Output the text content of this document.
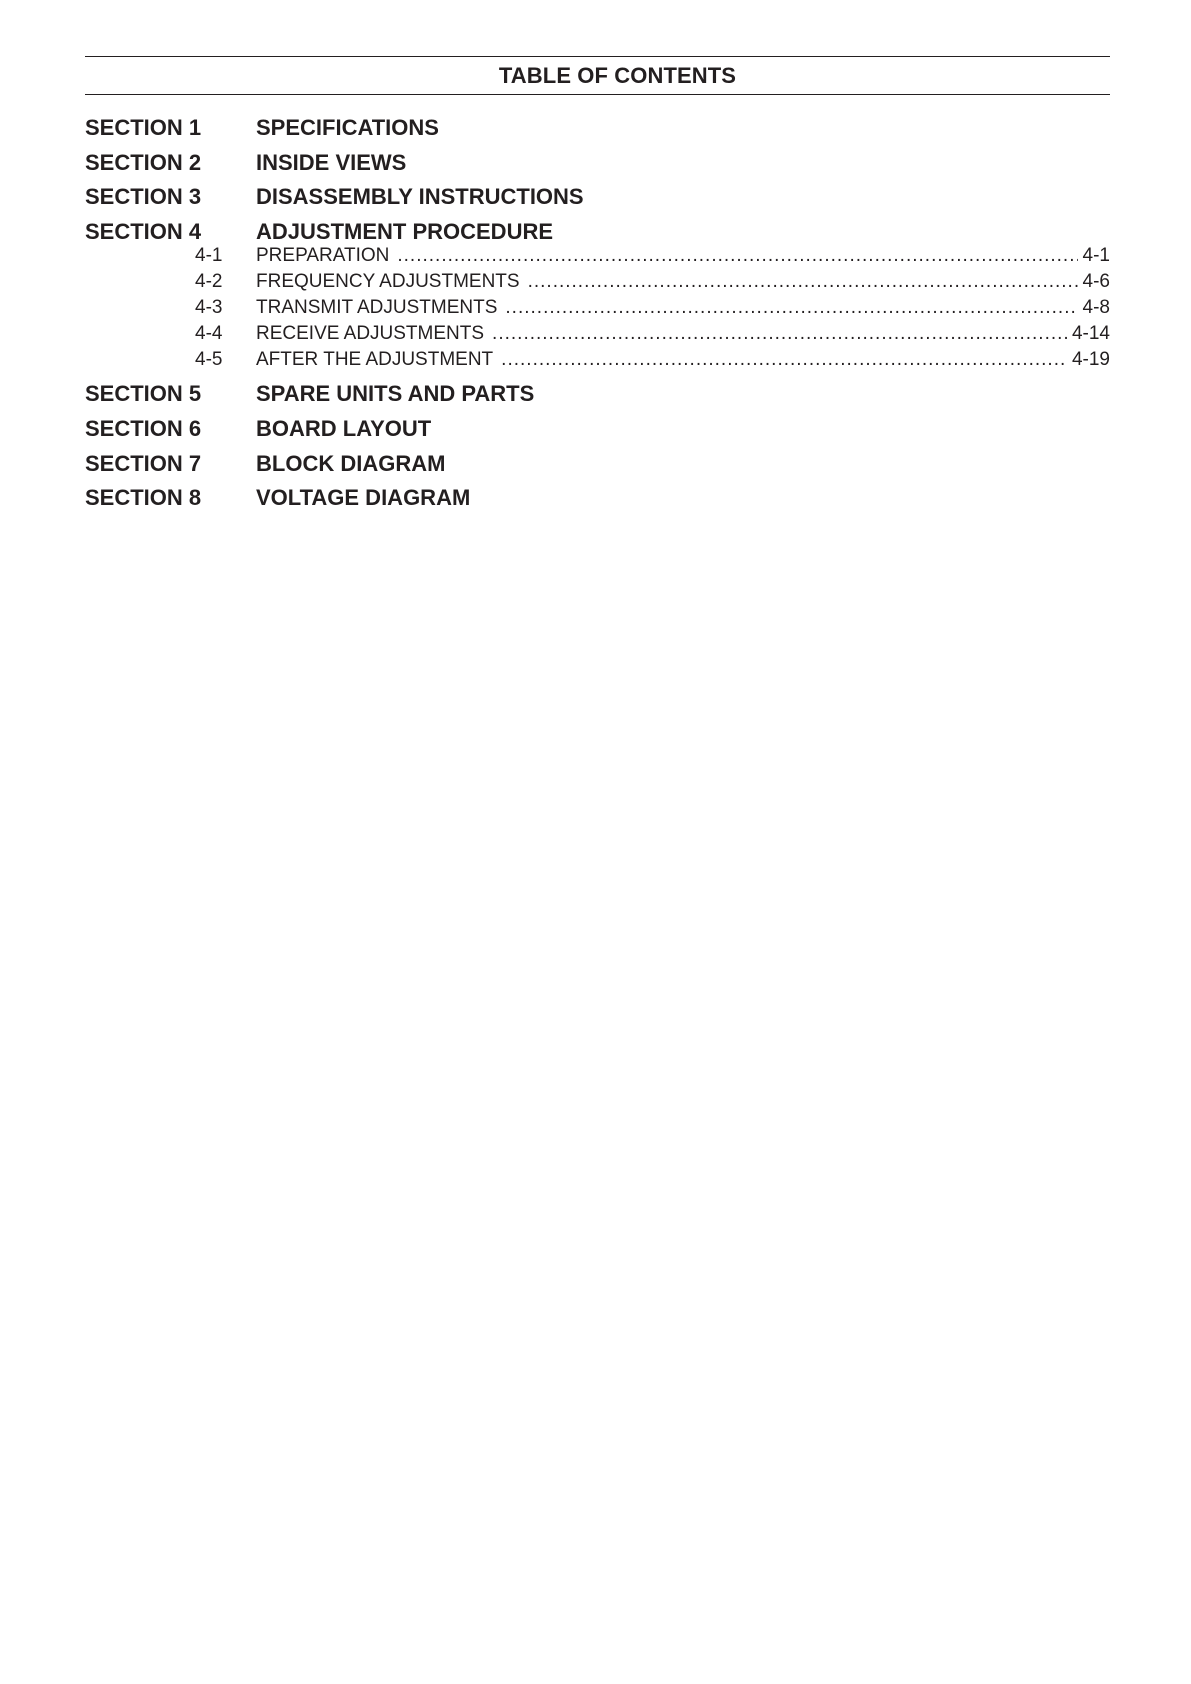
TABLE OF CONTENTS
SECTION 1	SPECIFICATIONS
SECTION 2	INSIDE VIEWS
SECTION 3	DISASSEMBLY INSTRUCTIONS
SECTION 4	ADJUSTMENT PROCEDURE
4-1	PREPARATION .....	4-1
4-2	FREQUENCY ADJUSTMENTS .....	4-6
4-3	TRANSMIT ADJUSTMENTS .....	4-8
4-4	RECEIVE ADJUSTMENTS .....	4-14
4-5	AFTER THE ADJUSTMENT .....	4-19
SECTION 5	SPARE UNITS AND PARTS
SECTION 6	BOARD LAYOUT
SECTION 7	BLOCK DIAGRAM
SECTION 8	VOLTAGE DIAGRAM
